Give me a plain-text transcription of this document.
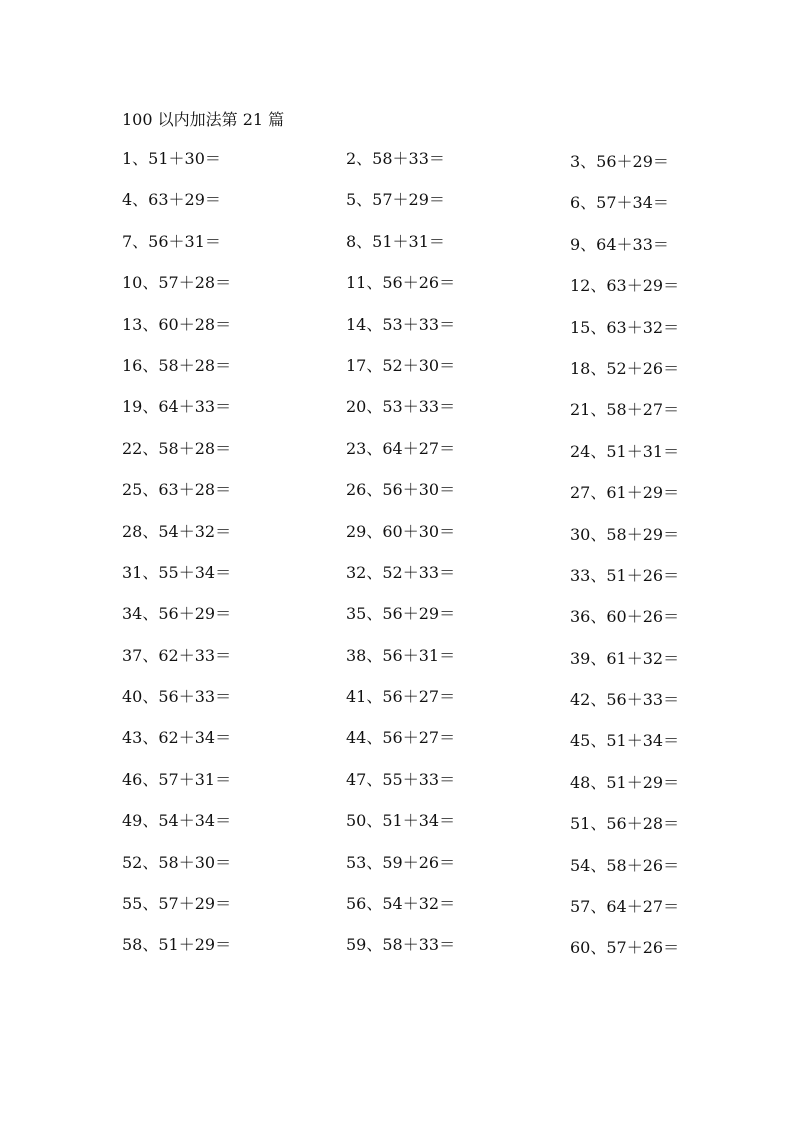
100 以内加法第 21 篇
1、51＋30＝	2、58＋33＝	3、56＋29＝
4、63＋29＝	5、57＋29＝	6、57＋34＝
7、56＋31＝	8、51＋31＝	9、64＋33＝
10、57＋28＝	11、56＋26＝	12、63＋29＝
13、60＋28＝	14、53＋33＝	15、63＋32＝
16、58＋28＝	17、52＋30＝	18、52＋26＝
19、64＋33＝	20、53＋33＝	21、58＋27＝
22、58＋28＝	23、64＋27＝	24、51＋31＝
25、63＋28＝	26、56＋30＝	27、61＋29＝
28、54＋32＝	29、60＋30＝	30、58＋29＝
31、55＋34＝	32、52＋33＝	33、51＋26＝
34、56＋29＝	35、56＋29＝	36、60＋26＝
37、62＋33＝	38、56＋31＝	39、61＋32＝
40、56＋33＝	41、56＋27＝	42、56＋33＝
43、62＋34＝	44、56＋27＝	45、51＋34＝
46、57＋31＝	47、55＋33＝	48、51＋29＝
49、54＋34＝	50、51＋34＝	51、56＋28＝
52、58＋30＝	53、59＋26＝	54、58＋26＝
55、57＋29＝	56、54＋32＝	57、64＋27＝
58、51＋29＝	59、58＋33＝	60、57＋26＝
